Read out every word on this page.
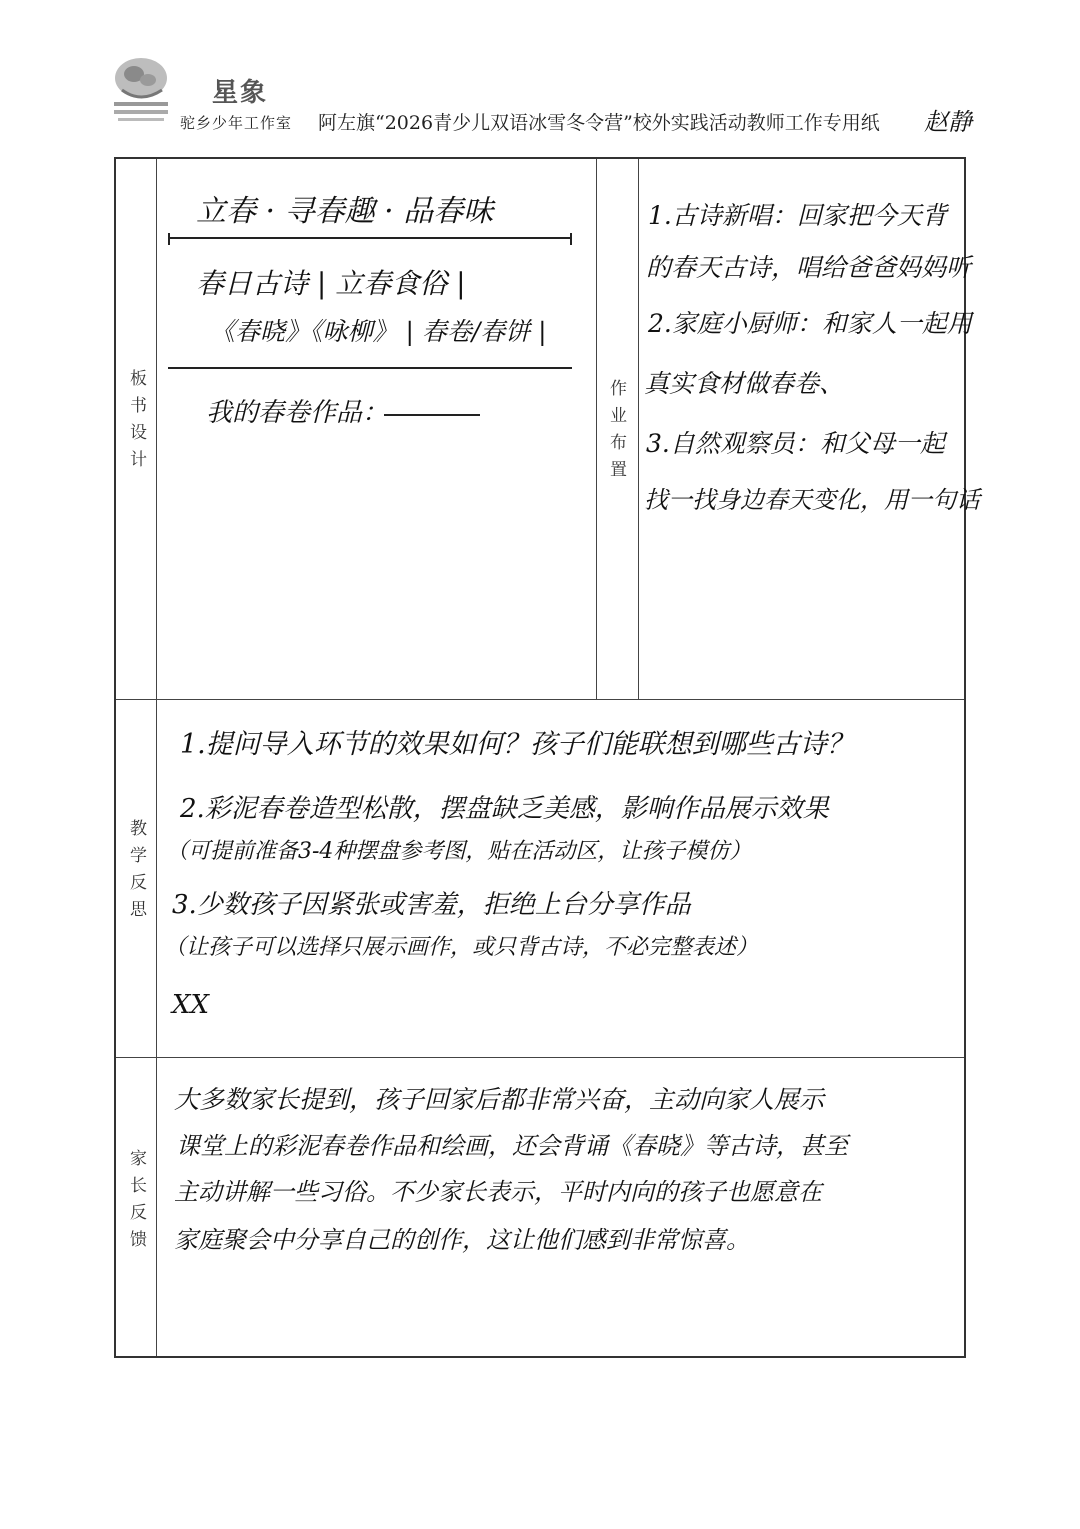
星象
驼乡少年工作室 阿左旗“2026青少儿双语冰雪冬令营”校外实践活动教师工作专用纸 赵静
板书设计	作业布置
教学反思
家长反馈
立春 · 寻春趣 · 品春味
春日古诗 | 立春食俗 |
《春晓》《咏柳》 | 春卷/春饼 |
我的春卷作品：
1.古诗新唱：回家把今天背
的春天古诗，唱给爸爸妈妈听
2.家庭小厨师：和家人一起用
真实食材做春卷、
3.自然观察员：和父母一起
找一找身边春天变化，用一句话
1.提问导入环节的效果如何？孩子们能联想到哪些古诗？
2.彩泥春卷造型松散，摆盘缺乏美感，影响作品展示效果
（可提前准备3-4种摆盘参考图，贴在活动区，让孩子模仿）
3.少数孩子因紧张或害羞，拒绝上台分享作品
（让孩子可以选择只展示画作，或只背古诗，不必完整表述）
XX
大多数家长提到，孩子回家后都非常兴奋，主动向家人展示
课堂上的彩泥春卷作品和绘画，还会背诵《春晓》等古诗，甚至
主动讲解一些习俗。不少家长表示，平时内向的孩子也愿意在
家庭聚会中分享自己的创作，这让他们感到非常惊喜。
